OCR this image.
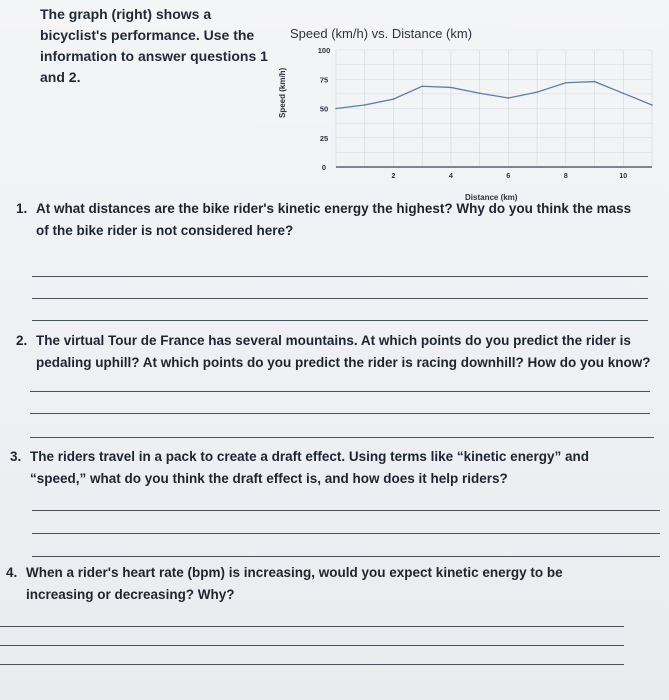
The graph (right) shows a bicyclist's performance. Use the information to answer questions 1 and 2.
0
25
50
75
100
2	4	6	8	10
Speed (km/h) vs. Distance (km)
Speed (km/h)
Distance (km)
1. At what distances are the bike rider's kinetic energy the highest? Why do you think the mass
of the bike rider is not considered here?
2. The virtual Tour de France has several mountains. At which points do you predict the rider is
pedaling uphill? At which points do you predict the rider is racing downhill? How do you know?
3. The riders travel in a pack to create a draft effect. Using terms like “kinetic energy” and
“speed,” what do you think the draft effect is, and how does it help riders?
4. When a rider's heart rate (bpm) is increasing, would you expect kinetic energy to be
increasing or decreasing? Why?
